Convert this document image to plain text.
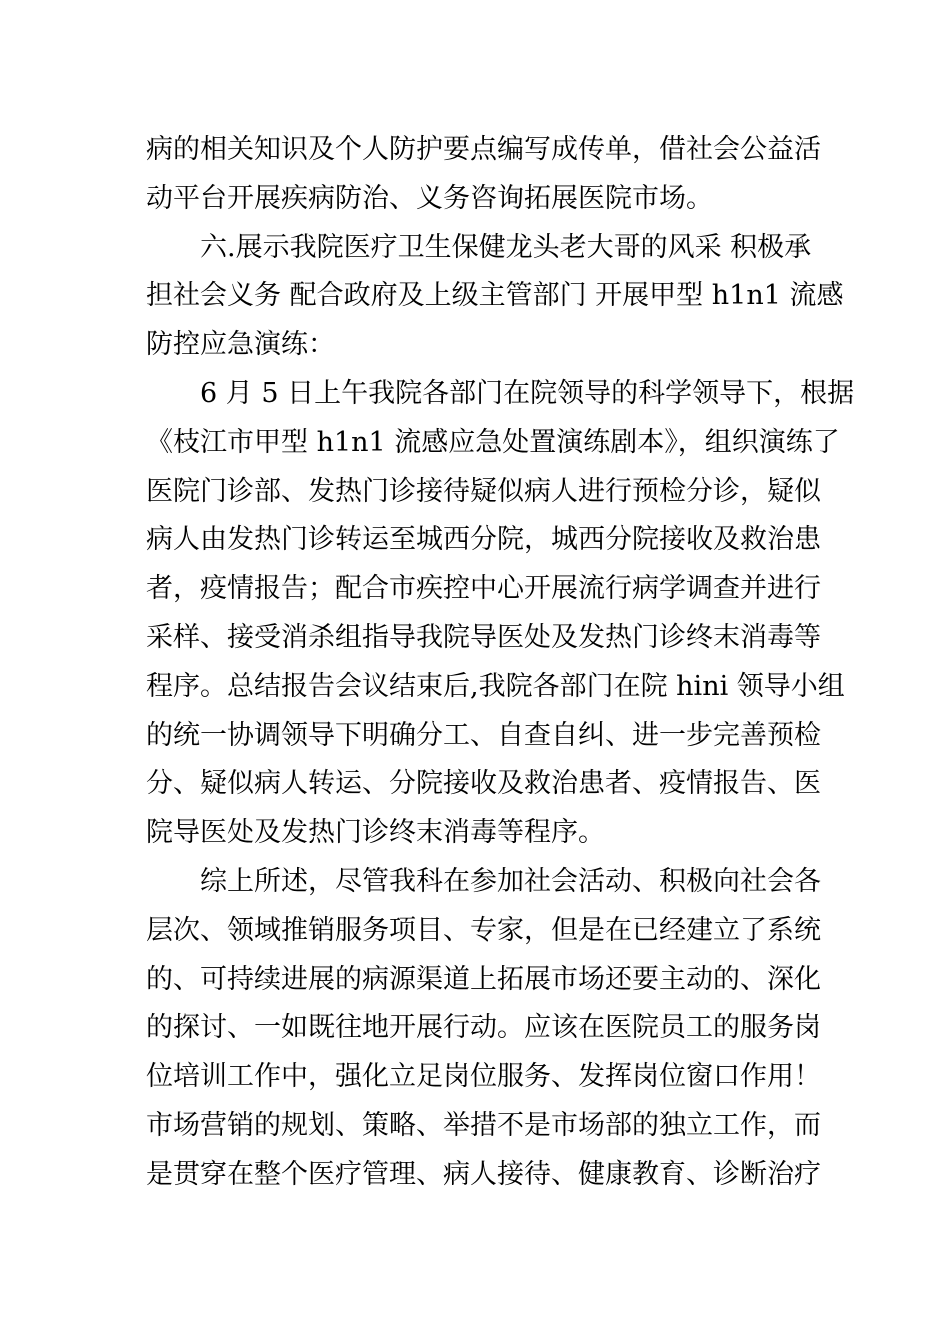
病的相关知识及个人防护要点编写成传单，借社会公益活
动平台开展疾病防治、义务咨询拓展医院市场。
六.展示我院医疗卫生保健龙头老大哥的风采 积极承
担社会义务 配合政府及上级主管部门 开展甲型 h1n1 流感
防控应急演练：
6 月 5 日上午我院各部门在院领导的科学领导下，根据
《枝江市甲型 h1n1 流感应急处置演练剧本》，组织演练了
医院门诊部、发热门诊接待疑似病人进行预检分诊，疑似
病人由发热门诊转运至城西分院，城西分院接收及救治患
者，疫情报告；配合市疾控中心开展流行病学调查并进行
采样、接受消杀组指导我院导医处及发热门诊终末消毒等
程序。总结报告会议结束后,我院各部门在院 hini 领导小组
的统一协调领导下明确分工、自查自纠、进一步完善预检
分、疑似病人转运、分院接收及救治患者、疫情报告、医
院导医处及发热门诊终末消毒等程序。
综上所述，尽管我科在参加社会活动、积极向社会各
层次、领域推销服务项目、专家，但是在已经建立了系统
的、可持续进展的病源渠道上拓展市场还要主动的、深化
的探讨、一如既往地开展行动。应该在医院员工的服务岗
位培训工作中，强化立足岗位服务、发挥岗位窗口作用！
市场营销的规划、策略、举措不是市场部的独立工作，而
是贯穿在整个医疗管理、病人接待、健康教育、诊断治疗
